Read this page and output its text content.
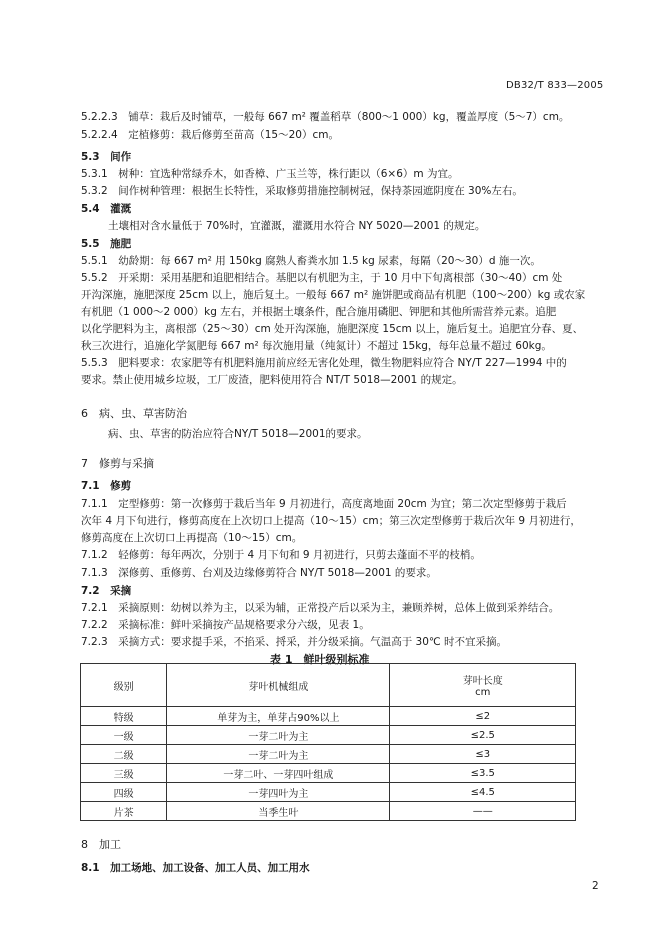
DB32/T 833—2005
5.2.2.3　铺草：栽后及时铺草，一般每 667 m² 覆盖稻草（800～1 000）kg，覆盖厚度（5～7）cm。
5.2.2.4　定植修剪：栽后修剪至苗高（15～20）cm。
5.3　间作
5.3.1　树种：宜选种常绿乔木，如香樟、广玉兰等，株行距以（6×6）m 为宜。
5.3.2　间作树种管理：根据生长特性，采取修剪措施控制树冠，保持茶园遮阴度在 30%左右。
5.4　灌溉
土壤相对含水量低于 70%时，宜灌溉，灌溉用水符合 NY 5020—2001 的规定。
5.5　施肥
5.5.1　幼龄期：每 667 m² 用 150kg 腐熟人畜粪水加 1.5 kg 尿素，每隔（20～30）d 施一次。
5.5.2　开采期：采用基肥和追肥相结合。基肥以有机肥为主，于 10 月中下旬离根部（30～40）cm 处
开沟深施，施肥深度 25cm 以上，施后复土。一般每 667 m² 施饼肥或商品有机肥（100～200）kg 或农家
有机肥（1 000～2 000）kg 左右，并根据土壤条件，配合施用磷肥、钾肥和其他所需营养元素。追肥
以化学肥料为主，离根部（25～30）cm 处开沟深施，施肥深度 15cm 以上，施后复土。追肥宜分春、夏、
秋三次进行，追施化学氮肥每 667 m² 每次施用量（纯氮计）不超过 15kg，每年总量不超过 60kg。
5.5.3　肥料要求：农家肥等有机肥料施用前应经无害化处理，微生物肥料应符合 NY/T 227—1994 中的
要求。禁止使用城乡垃圾，工厂废渣，肥料使用符合 NT/T 5018—2001 的规定。
6　病、虫、草害防治
病、虫、草害的防治应符合NY/T 5018—2001的要求。
7　修剪与采摘
7.1　修剪
7.1.1　定型修剪：第一次修剪于栽后当年 9 月初进行，高度离地面 20cm 为宜；第二次定型修剪于栽后
次年 4 月下旬进行，修剪高度在上次切口上提高（10～15）cm；第三次定型修剪于栽后次年 9 月初进行，
修剪高度在上次切口上再提高（10～15）cm。
7.1.2　轻修剪：每年两次，分别于 4 月下旬和 9 月初进行，只剪去蓬面不平的枝梢。
7.1.3　深修剪、重修剪、台刈及边缘修剪符合 NY/T 5018—2001 的要求。
7.2　采摘
7.2.1　采摘原则：幼树以养为主，以采为辅，正常投产后以采为主，兼顾养树，总体上做到采养结合。
7.2.2　采摘标准：鲜叶采摘按产品规格要求分六级，见表 1。
7.2.3　采摘方式：要求提手采，不掐采、捋采，并分级采摘。气温高于 30℃ 时不宜采摘。
表 1　鲜叶级别标准
级别	芽叶机械组成	芽叶长度
cm
特级	单芽为主，单芽占90%以上	≤2
一级	一芽二叶为主	≤2.5
二级	一芽二叶为主	≤3
三级	一芽二叶、一芽四叶组成	≤3.5
四级	一芽四叶为主	≤4.5
片茶	当季生叶	——
8　加工
8.1　加工场地、加工设备、加工人员、加工用水
2
